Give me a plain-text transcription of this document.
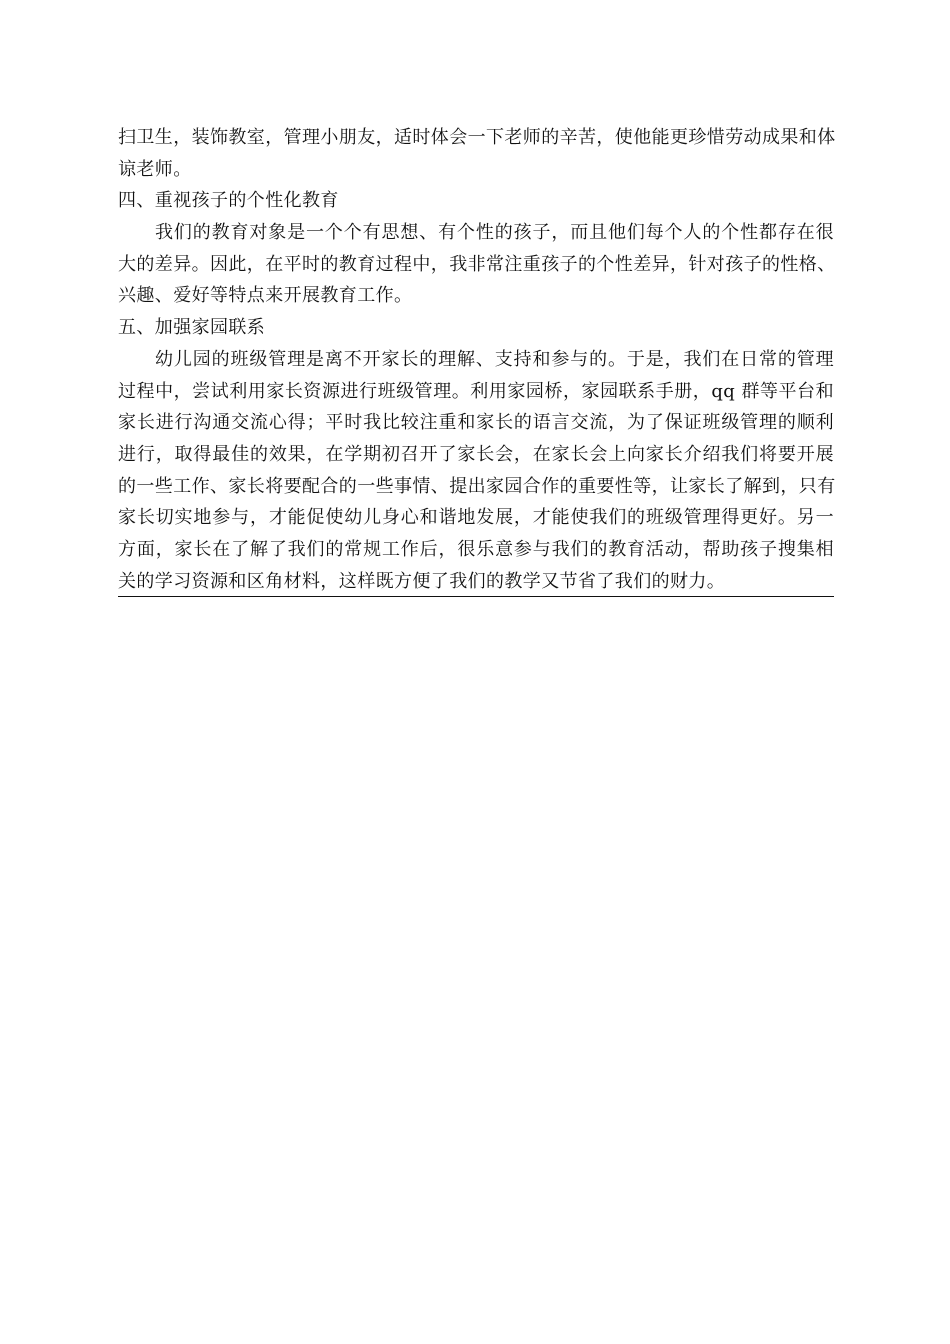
扫卫生，装饰教室，管理小朋友，适时体会一下老师的辛苦，使他能更珍惜劳动成果和体
谅老师。
四、重视孩子的个性化教育
我们的教育对象是一个个有思想、有个性的孩子，而且他们每个人的个性都存在很
大的差异。因此，在平时的教育过程中，我非常注重孩子的个性差异，针对孩子的性格、
兴趣、爱好等特点来开展教育工作。
五、加强家园联系
幼儿园的班级管理是离不开家长的理解、支持和参与的。于是，我们在日常的管理
过程中，尝试利用家长资源进行班级管理。利用家园桥，家园联系手册，qq 群等平台和
家长进行沟通交流心得；平时我比较注重和家长的语言交流，为了保证班级管理的顺利
进行，取得最佳的效果，在学期初召开了家长会，在家长会上向家长介绍我们将要开展
的一些工作、家长将要配合的一些事情、提出家园合作的重要性等，让家长了解到，只有
家长切实地参与，才能促使幼儿身心和谐地发展，才能使我们的班级管理得更好。另一
方面，家长在了解了我们的常规工作后，很乐意参与我们的教育活动，帮助孩子搜集相
关的学习资源和区角材料，这样既方便了我们的教学又节省了我们的财力。
